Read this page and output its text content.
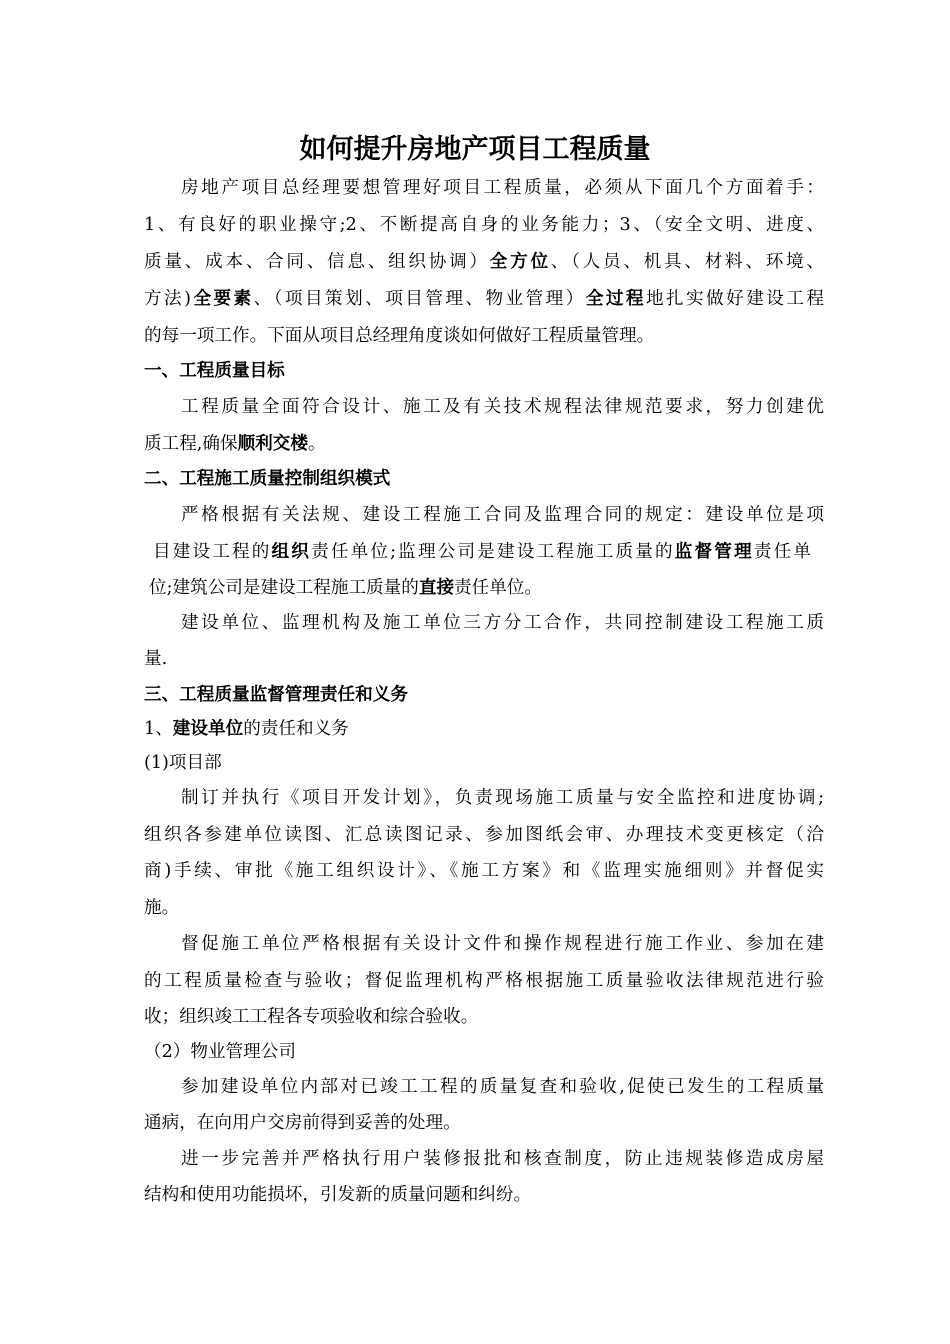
如何提升房地产项目工程质量
房地产项目总经理要想管理好项目工程质量，必须从下面几个方面着手：
1、有良好的职业操守;2、不断提高自身的业务能力；3、（安全文明、进度、
质量、成本、合同、信息、组织协调）全方位、（人员、机具、材料、环境、
方法)全要素、（项目策划、项目管理、物业管理）全过程地扎实做好建设工程
的每一项工作。下面从项目总经理角度谈如何做好工程质量管理。
一、工程质量目标
工程质量全面符合设计、施工及有关技术规程法律规范要求，努力创建优
质工程,确保顺利交楼。
二、工程施工质量控制组织模式
严格根据有关法规、建设工程施工合同及监理合同的规定：建设单位是项
目建设工程的组织责任单位;监理公司是建设工程施工质量的监督管理责任单
位;建筑公司是建设工程施工质量的直接责任单位。
建设单位、监理机构及施工单位三方分工合作，共同控制建设工程施工质
量.
三、工程质量监督管理责任和义务
1、建设单位的责任和义务
(1)项目部
制订并执行《项目开发计划》，负责现场施工质量与安全监控和进度协调;
组织各参建单位读图、汇总读图记录、参加图纸会审、办理技术变更核定（洽
商)手续、审批《施工组织设计》、《施工方案》和《监理实施细则》并督促实
施。
督促施工单位严格根据有关设计文件和操作规程进行施工作业、参加在建
的工程质量检查与验收；督促监理机构严格根据施工质量验收法律规范进行验
收；组织竣工工程各专项验收和综合验收。
（2）物业管理公司
参加建设单位内部对已竣工工程的质量复查和验收,促使已发生的工程质量
通病，在向用户交房前得到妥善的处理。
进一步完善并严格执行用户装修报批和核查制度，防止违规装修造成房屋
结构和使用功能损坏，引发新的质量问题和纠纷。
